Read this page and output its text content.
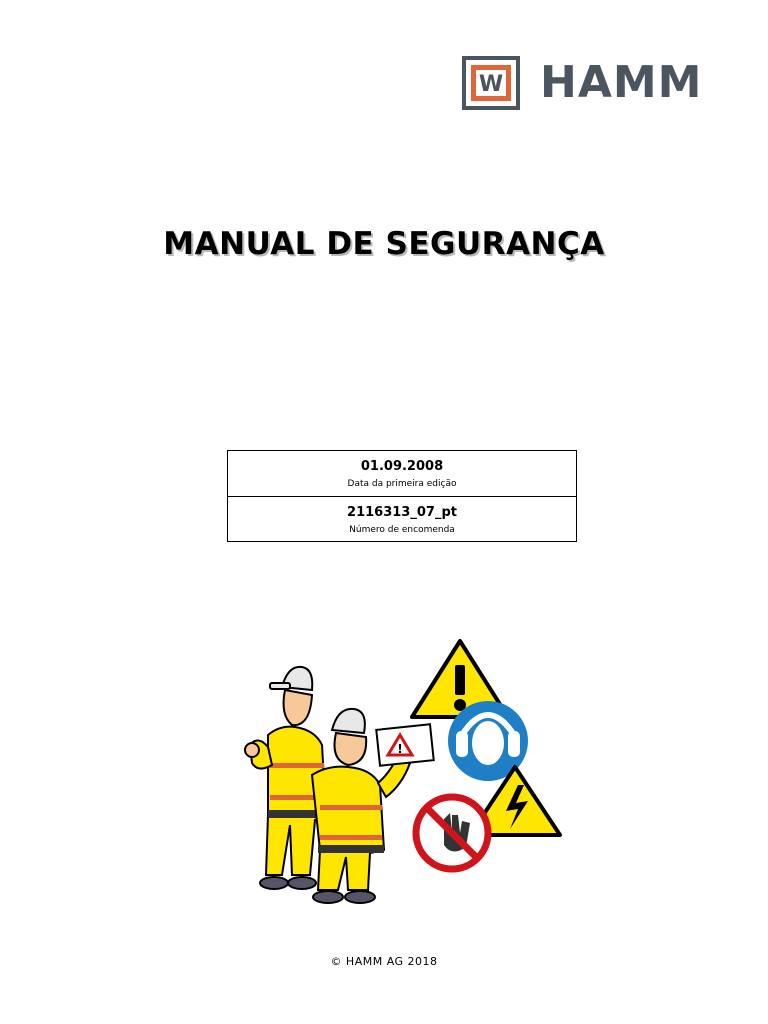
W HAMM
MANUAL DE SEGURANÇA
01.09.2008
Data da primeira edição
2116313_07_pt
Número de encomenda
!
© HAMM AG 2018
